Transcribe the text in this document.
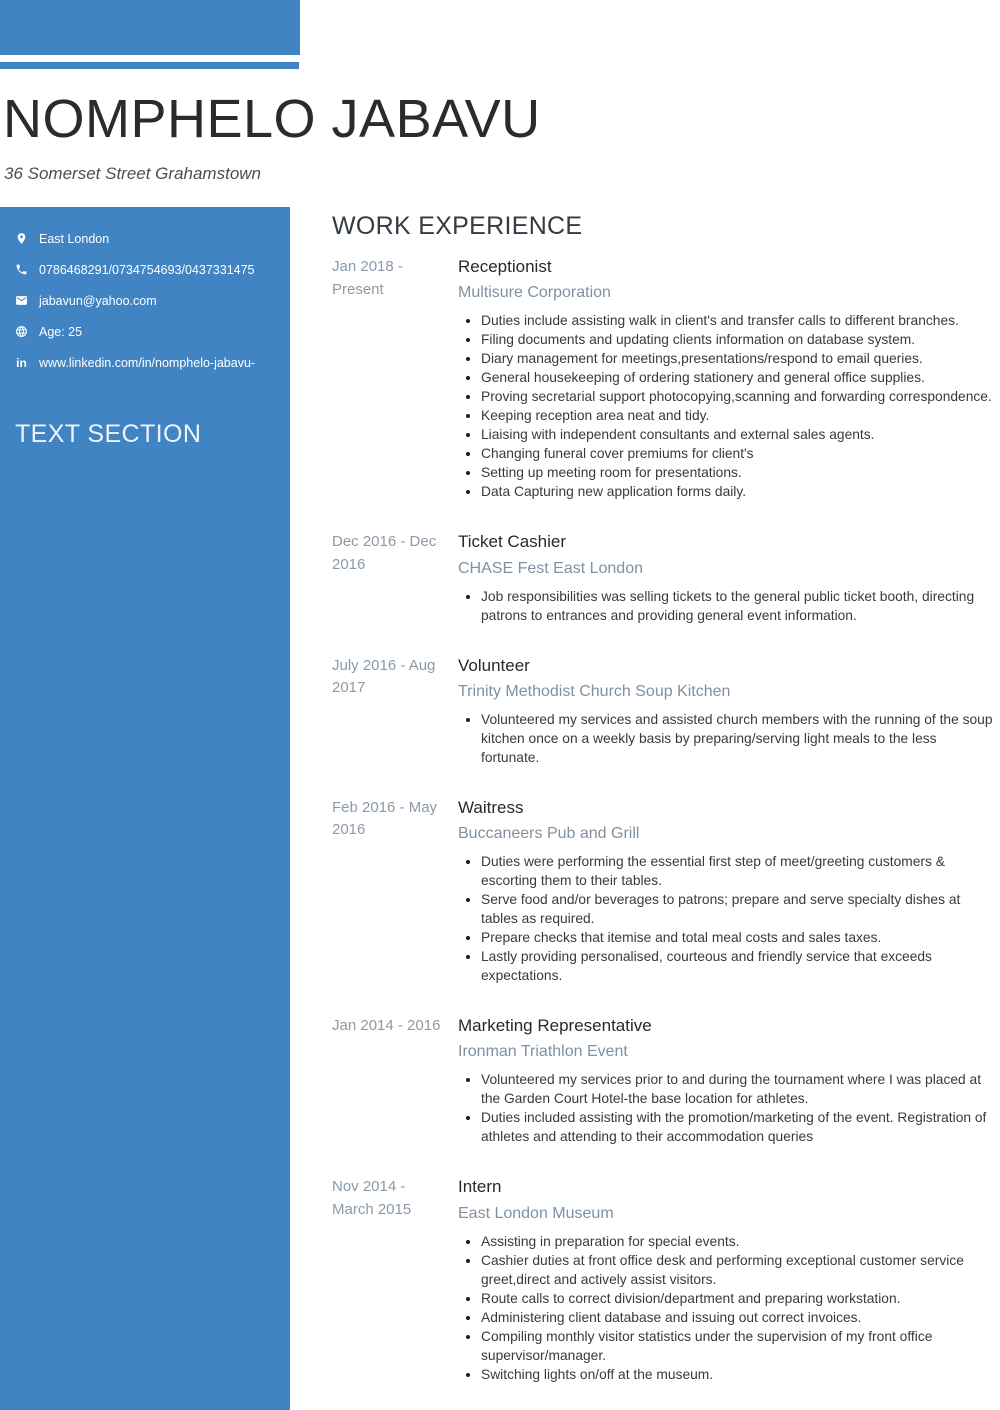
NOMPHELO JABAVU
36 Somerset Street Grahamstown
East London
0786468291/0734754693/0437331475
jabavun@yahoo.com
Age: 25
in www.linkedin.com/in/nomphelo-jabavu-
TEXT SECTION
WORK EXPERIENCE
Jan 2018 - Present
Receptionist
Multisure Corporation
• Duties include assisting walk in client's and transfer calls to different branches.
• Filing documents and updating clients information on database system.
• Diary management for meetings,presentations/respond to email queries.
• General housekeeping of ordering stationery and general office supplies.
• Proving secretarial support photocopying,scanning and forwarding correspondence.
• Keeping reception area neat and tidy.
• Liaising with independent consultants and external sales agents.
• Changing funeral cover premiums for client's
• Setting up meeting room for presentations.
• Data Capturing new application forms daily.
Dec 2016 - Dec 2016
Ticket Cashier
CHASE Fest East London
• Job responsibilities was selling tickets to the general public ticket booth, directing patrons to entrances and providing general event information.
July 2016 - Aug 2017
Volunteer
Trinity Methodist Church Soup Kitchen
• Volunteered my services and assisted church members with the running of the soup kitchen once on a weekly basis by preparing/serving light meals to the less fortunate.
Feb 2016 - May 2016
Waitress
Buccaneers Pub and Grill
• Duties were performing the essential first step of meet/greeting customers & escorting them to their tables.
• Serve food and/or beverages to patrons; prepare and serve specialty dishes at tables as required.
• Prepare checks that itemise and total meal costs and sales taxes.
• Lastly providing personalised, courteous and friendly service that exceeds expectations.
Jan 2014 - 2016 Marketing Representative
Ironman Triathlon Event
• Volunteered my services prior to and during the tournament where I was placed at the Garden Court Hotel-the base location for athletes.
• Duties included assisting with the promotion/marketing of the event. Registration of athletes and attending to their accommodation queries
Nov 2014 - March 2015
Intern
East London Museum
• Assisting in preparation for special events.
• Cashier duties at front office desk and performing exceptional customer service greet,direct and actively assist visitors.
• Route calls to correct division/department and preparing workstation.
• Administering client database and issuing out correct invoices.
• Compiling monthly visitor statistics under the supervision of my front office supervisor/manager.
• Switching lights on/off at the museum.
